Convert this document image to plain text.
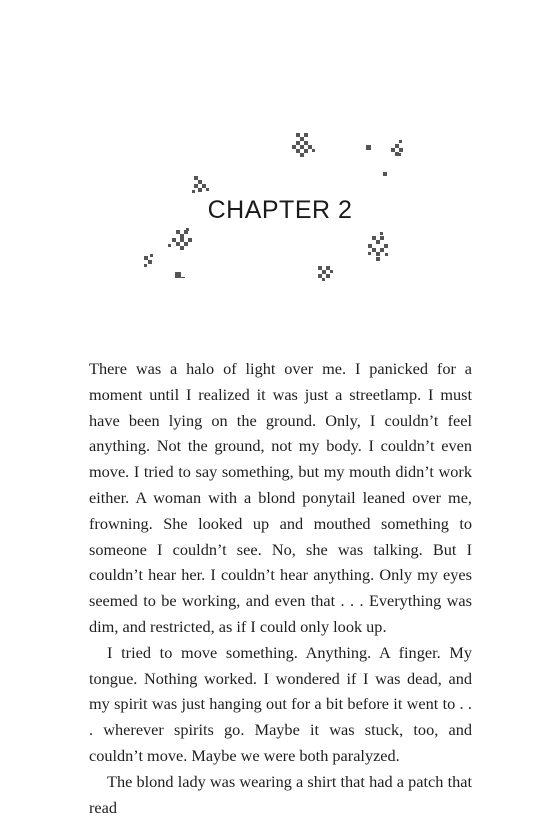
CHAPTER 2

There was a halo of light over me. I panicked for a moment until I realized it was just a streetlamp. I must have been lying on the ground. Only, I couldn’t feel anything. Not the ground, not my body. I couldn’t even move. I tried to say something, but my mouth didn’t work either. A woman with a blond ponytail leaned over me, frowning. She looked up and mouthed something to someone I couldn’t see. No, she was talking. But I couldn’t hear her. I couldn’t hear anything. Only my eyes seemed to be working, and even that . . . Everything was dim, and restricted, as if I could only look up.

I tried to move something. Anything. A finger. My tongue. Nothing worked. I wondered if I was dead, and my spirit was just hanging out for a bit before it went to . . . wherever spirits go. Maybe it was stuck, too, and couldn’t move. Maybe we were both paralyzed.

The blond lady was wearing a shirt that had a patch that read
